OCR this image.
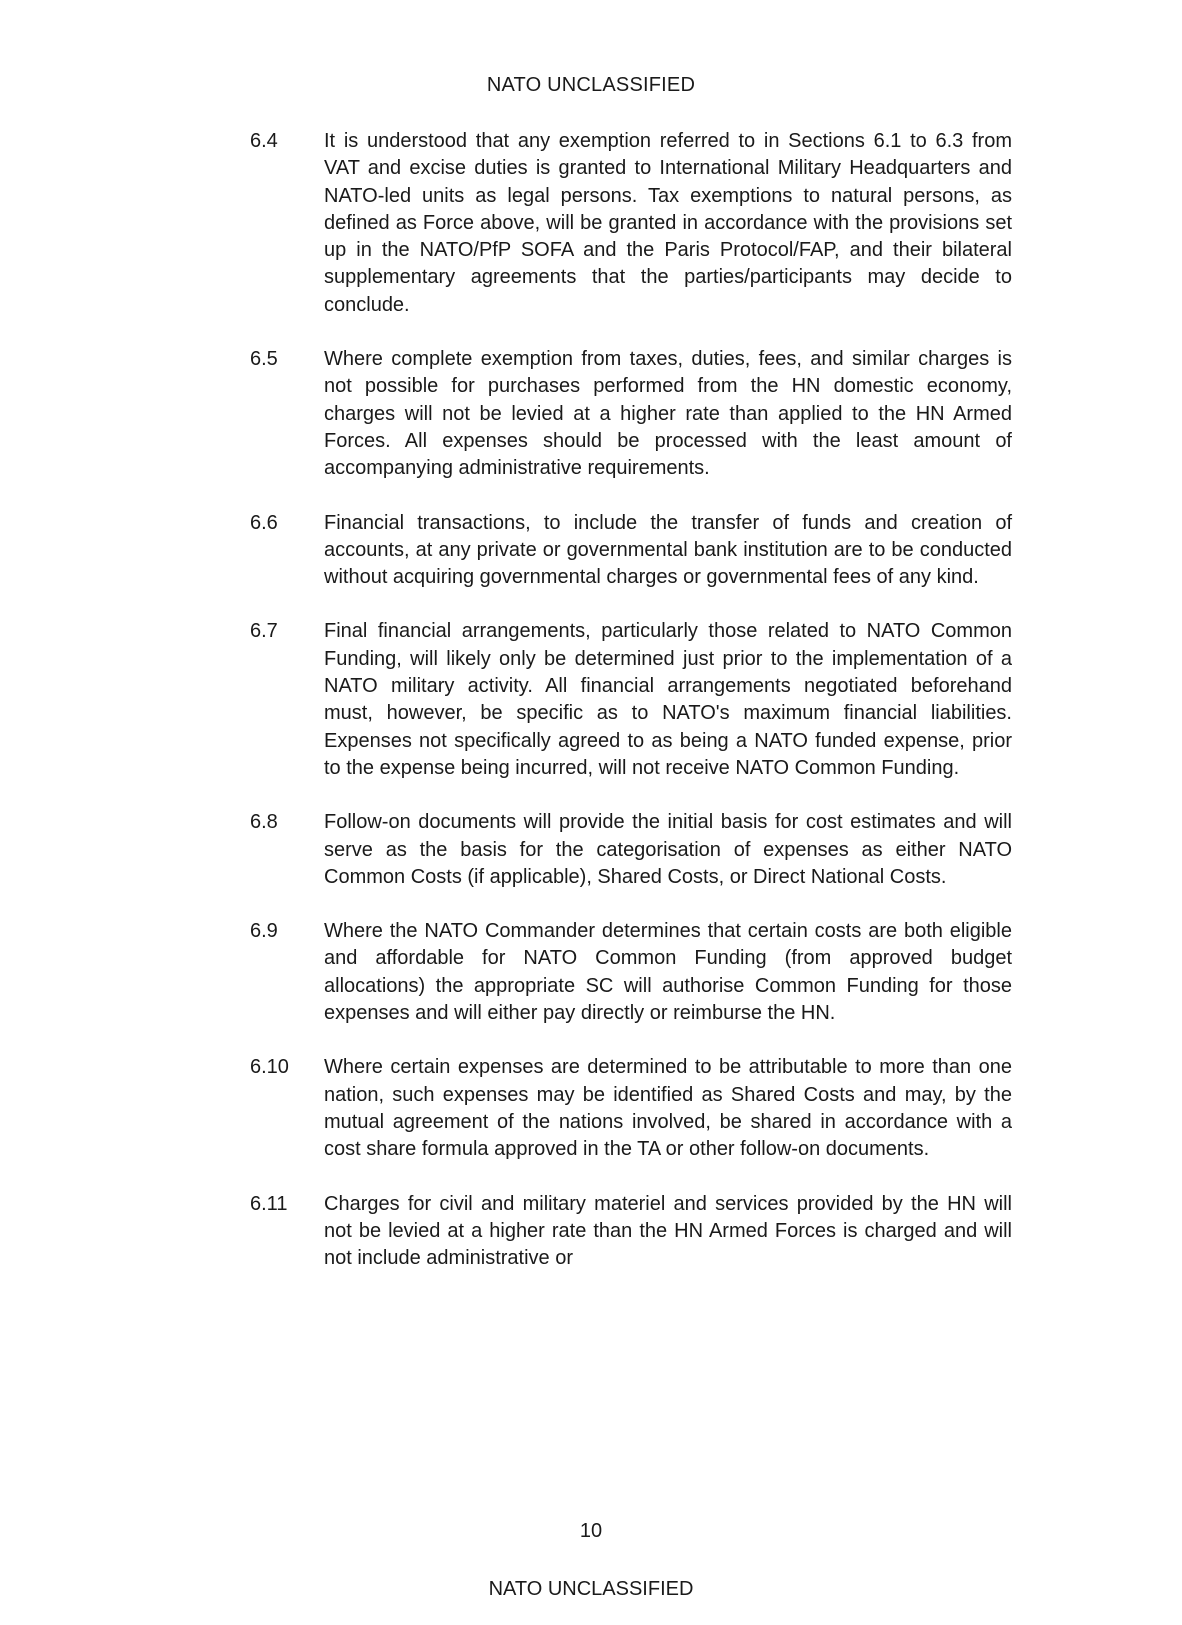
NATO UNCLASSIFIED
6.4 It is understood that any exemption referred to in Sections 6.1 to 6.3 from VAT and excise duties is granted to International Military Headquarters and NATO-led units as legal persons. Tax exemptions to natural persons, as defined as Force above, will be granted in accordance with the provisions set up in the NATO/PfP SOFA and the Paris Protocol/FAP, and their bilateral supplementary agreements that the parties/participants may decide to conclude.
6.5 Where complete exemption from taxes, duties, fees, and similar charges is not possible for purchases performed from the HN domestic economy, charges will not be levied at a higher rate than applied to the HN Armed Forces. All expenses should be processed with the least amount of accompanying administrative requirements.
6.6 Financial transactions, to include the transfer of funds and creation of accounts, at any private or governmental bank institution are to be conducted without acquiring governmental charges or governmental fees of any kind.
6.7 Final financial arrangements, particularly those related to NATO Common Funding, will likely only be determined just prior to the implementation of a NATO military activity. All financial arrangements negotiated beforehand must, however, be specific as to NATO's maximum financial liabilities. Expenses not specifically agreed to as being a NATO funded expense, prior to the expense being incurred, will not receive NATO Common Funding.
6.8 Follow-on documents will provide the initial basis for cost estimates and will serve as the basis for the categorisation of expenses as either NATO Common Costs (if applicable), Shared Costs, or Direct National Costs.
6.9 Where the NATO Commander determines that certain costs are both eligible and affordable for NATO Common Funding (from approved budget allocations) the appropriate SC will authorise Common Funding for those expenses and will either pay directly or reimburse the HN.
6.10 Where certain expenses are determined to be attributable to more than one nation, such expenses may be identified as Shared Costs and may, by the mutual agreement of the nations involved, be shared in accordance with a cost share formula approved in the TA or other follow-on documents.
6.11 Charges for civil and military materiel and services provided by the HN will not be levied at a higher rate than the HN Armed Forces is charged and will not include administrative or
10
NATO UNCLASSIFIED
